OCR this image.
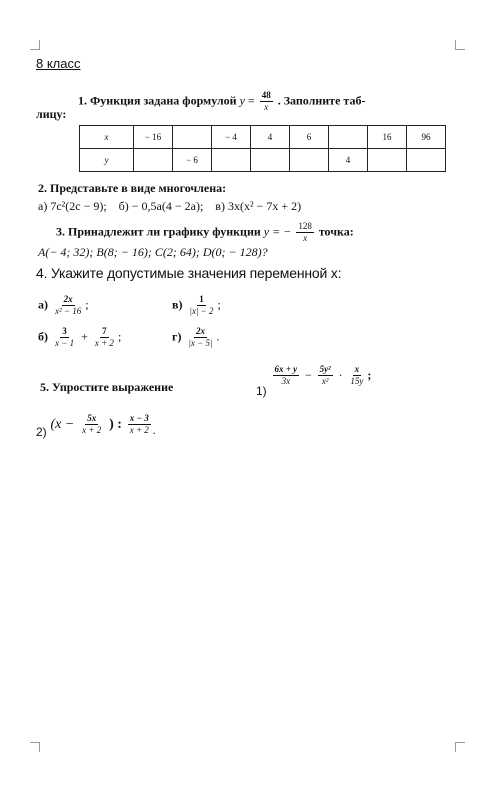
8 класс
1. Функция задана формулой $y = \frac{48}{x}$ . Заполните таб-
лицу:
x	− 16		− 4	4	6		16	96
y		− 6				4		
2. Представьте в виде многочлена:
а) 7c²(2c − 9); б) − 0,5a(4 − 2a); в) 3x(x² − 7x + 2)
3. Принадлежит ли графику функции y = − $\frac{128}{x}$ точка:
A(− 4; 32); B(8; − 16); C(2; 64); D(0; − 128)?
4. Укажите допустимые значения переменной x:
$а) \frac{2x}{\text{x² − 16}}$ ;	$в) \frac{1}{|x| - 2}$ ;
$б) \frac{3}{x - 1} + \frac{7}{x + 2}$ ;	$г) \frac{2x}{|x - 5|}$ .
5. Упростите выражение	1)
$\frac{6x + y}{3x} - \frac{\text{5y²}}{\text{x²}} \cdot \frac{x}{15y}$ ;
2) ($x - \frac{5x}{x + 2}$ ) : $\frac{x - 3}{x + 2}$ .
